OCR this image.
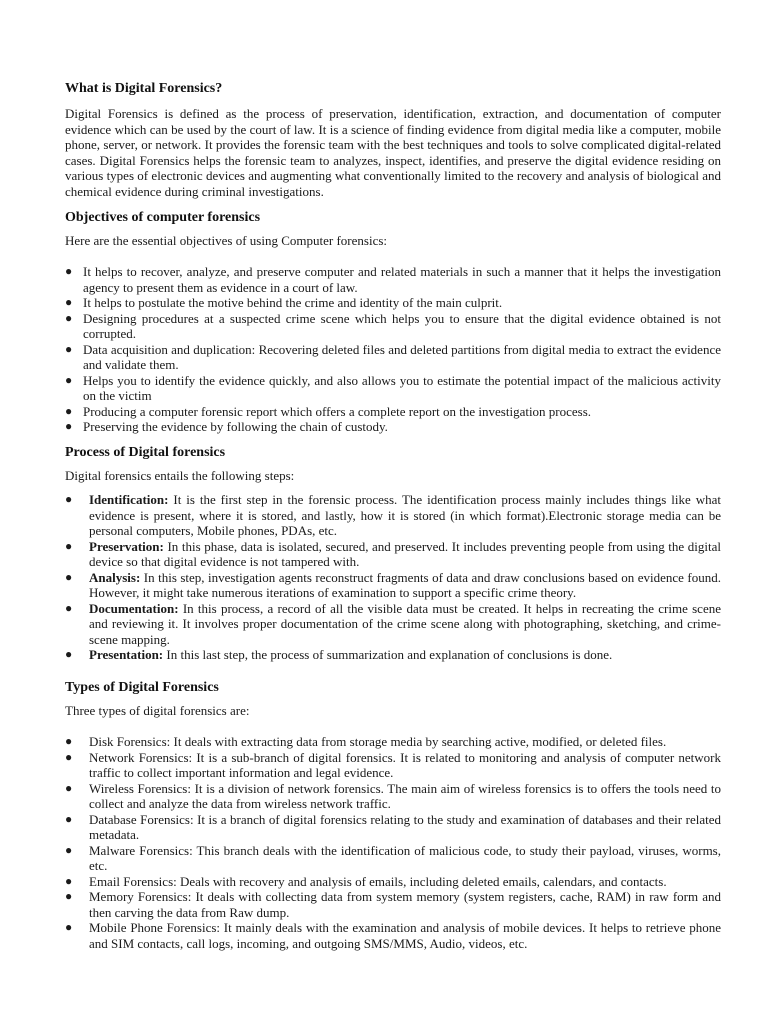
What is Digital Forensics?

Digital Forensics is defined as the process of preservation, identification, extraction, and documentation of computer evidence which can be used by the court of law. It is a science of finding evidence from digital media like a computer, mobile phone, server, or network. It provides the forensic team with the best techniques and tools to solve complicated digital-related cases. Digital Forensics helps the forensic team to analyzes, inspect, identifies, and preserve the digital evidence residing on various types of electronic devices and augmenting what conventionally limited to the recovery and analysis of biological and chemical evidence during criminal investigations.

Objectives of computer forensics

Here are the essential objectives of using Computer forensics:

● It helps to recover, analyze, and preserve computer and related materials in such a manner that it helps the investigation agency to present them as evidence in a court of law.
● It helps to postulate the motive behind the crime and identity of the main culprit.
● Designing procedures at a suspected crime scene which helps you to ensure that the digital evidence obtained is not corrupted.
● Data acquisition and duplication: Recovering deleted files and deleted partitions from digital media to extract the evidence and validate them.
● Helps you to identify the evidence quickly, and also allows you to estimate the potential impact of the malicious activity on the victim
● Producing a computer forensic report which offers a complete report on the investigation process.
● Preserving the evidence by following the chain of custody.
Process of Digital forensics

Digital forensics entails the following steps:

● Identification: It is the first step in the forensic process. The identification process mainly includes things like what evidence is present, where it is stored, and lastly, how it is stored (in which format).Electronic storage media can be personal computers, Mobile phones, PDAs, etc.
● Preservation: In this phase, data is isolated, secured, and preserved. It includes preventing people from using the digital device so that digital evidence is not tampered with.
● Analysis: In this step, investigation agents reconstruct fragments of data and draw conclusions based on evidence found. However, it might take numerous iterations of examination to support a specific crime theory.
● Documentation: In this process, a record of all the visible data must be created. It helps in recreating the crime scene and reviewing it. It involves proper documentation of the crime scene along with photographing, sketching, and crime-scene mapping.
● Presentation: In this last step, the process of summarization and explanation of conclusions is done.
Types of Digital Forensics

Three types of digital forensics are:

● Disk Forensics: It deals with extracting data from storage media by searching active, modified, or deleted files.
● Network Forensics: It is a sub-branch of digital forensics. It is related to monitoring and analysis of computer network traffic to collect important information and legal evidence.
● Wireless Forensics: It is a division of network forensics. The main aim of wireless forensics is to offers the tools need to collect and analyze the data from wireless network traffic.
● Database Forensics: It is a branch of digital forensics relating to the study and examination of databases and their related metadata.
● Malware Forensics: This branch deals with the identification of malicious code, to study their payload, viruses, worms, etc.
● Email Forensics: Deals with recovery and analysis of emails, including deleted emails, calendars, and contacts.
● Memory Forensics: It deals with collecting data from system memory (system registers, cache, RAM) in raw form and then carving the data from Raw dump.
● Mobile Phone Forensics: It mainly deals with the examination and analysis of mobile devices. It helps to retrieve phone and SIM contacts, call logs, incoming, and outgoing SMS/MMS, Audio, videos, etc.
